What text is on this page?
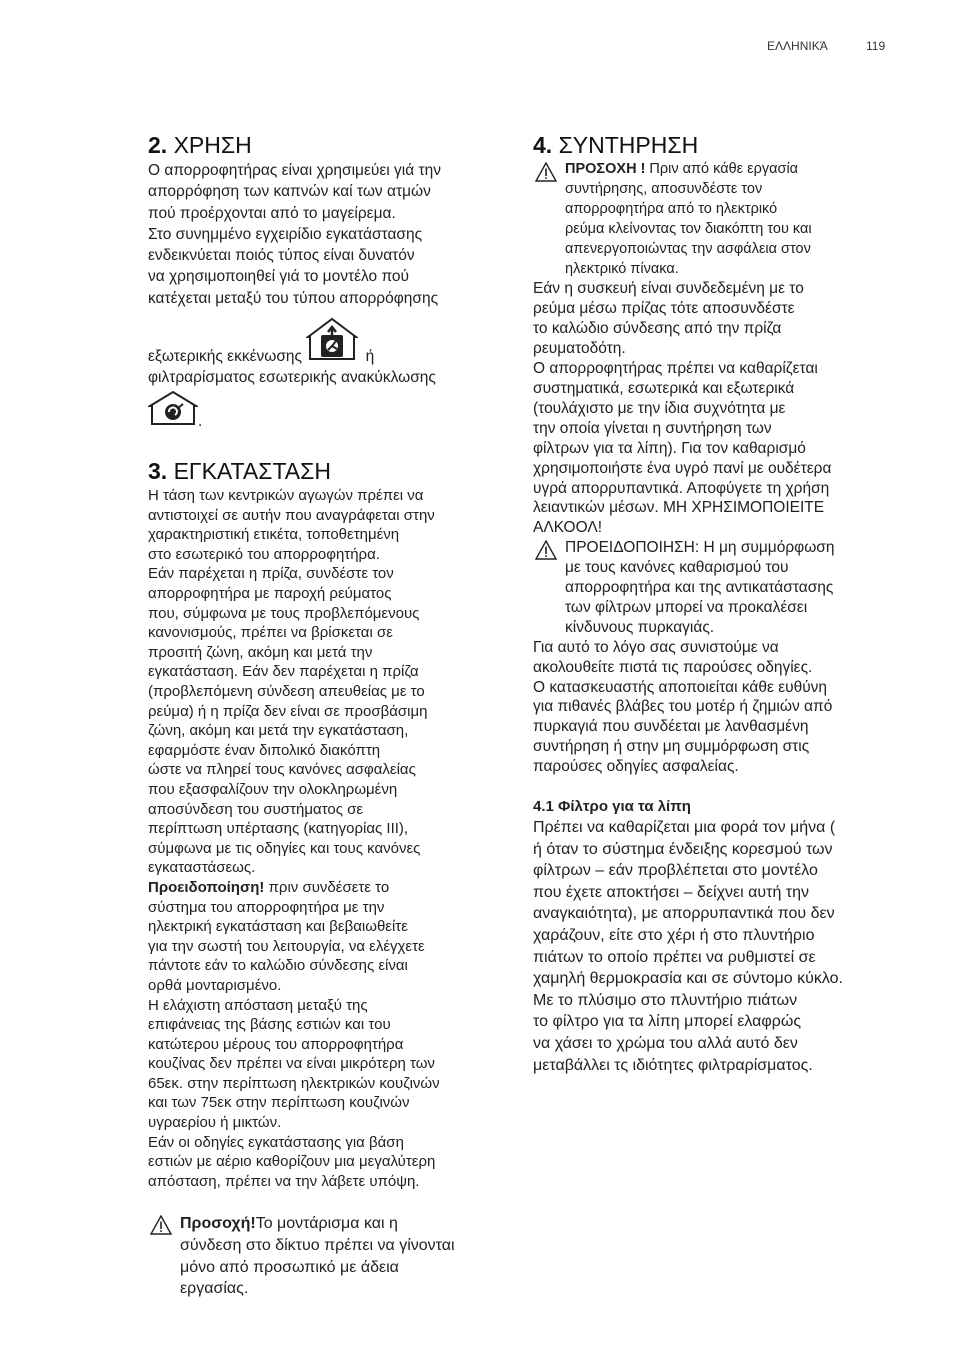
ΕΛΛΗΝΙΚΆ	119
2. ΧΡΗΣΗ

Ο απορροφητήρας είναι χρησιμεύει γιά την
απορρόφηση των καπνών καί των ατμών
πού προέρχονται από το μαγείρεμα.
Στο συνημμένο εγχειρίδιο εγκατάστασης
ενδεικνύεται ποιός τύπος είναι δυνατόν
να χρησιμοποιηθεί γιά το μοντέλο πού
κατέχεται μεταξύ του τύπου απορρόφησης

εξωτερικής εκκένωσης	ή
φιλτραρίσματος εσωτερικής ανακύκλωσης
.
3. ΕΓΚΑΤΑΣΤΑΣΗ

Η τάση των κεντρικών αγωγών πρέπει να
αντιστοιχεί σε αυτήν που αναγράφεται στην
χαρακτηριστική ετικέτα, τοποθετημένη
στο εσωτερικό του απορροφητήρα.
Εάν παρέχεται η πρίζα, συνδέστε τον
απορροφητήρα με παροχή ρεύματος
που, σύμφωνα με τους προβλεπόμενους
κανονισμούς, πρέπει να βρίσκεται σε
προσιτή ζώνη, ακόμη και μετά την
εγκατάσταση. Εάν δεν παρέχεται η πρίζα
(προβλεπόμενη σύνδεση απευθείας με το
ρεύμα) ή η πρίζα δεν είναι σε προσβάσιμη
ζώνη, ακόμη και μετά την εγκατάσταση,
εφαρμόστε έναν διπολικό διακόπτη
ώστε να πληρεί τους κανόνες ασφαλείας
που εξασφαλίζουν την ολοκληρωμένη
αποσύνδεση του συστήματος σε
περίπτωση υπέρτασης (κατηγορίας III),
σύμφωνα με τις οδηγίες και τους κανόνες
εγκαταστάσεως.

Προειδοποίηση! πριν συνδέσετε το
σύστημα του απορροφητήρα με την
ηλεκτρική εγκατάσταση και βεβαιωθείτε
για την σωστή του λειτουργία, να ελέγχετε
πάντοτε εάν το καλώδιο σύνδεσης είναι
ορθά μονταρισμένο.
Η ελάχιστη απόσταση μεταξύ της
επιφάνειας της βάσης εστιών και του
κατώτερου μέρους του απορροφητήρα
κουζίνας δεν πρέπει να είναι μικρότερη των
65εκ. στην περίπτωση ηλεκτρικών κουζινών
και των 75εκ στην περίπτωση κουζινών
υγραερίου ή μικτών.
Εάν οι οδηγίες εγκατάστασης για βάση
εστιών με αέριο καθορίζουν μια μεγαλύτερη
απόσταση, πρέπει να την λάβετε υπόψη.

Προσοχή!Το μοντάρισμα και η
σύνδεση στο δίκτυο πρέπει να γίνονται
μόνο από προσωπικό με άδεια
εργασίας.

4. ΣΥΝΤΗΡΗΣΗ

ΠΡΟΣΟΧΗ ! Πριν από κάθε εργασία
συντήρησης, αποσυνδέστε τον
απορροφητήρα από το ηλεκτρικό
ρεύμα κλείνοντας τον διακόπτη του και
απενεργοποιώντας την ασφάλεια στον
ηλεκτρικό πίνακα.

Εάν η συσκευή είναι συνδεδεμένη με το
ρεύμα μέσω πρίζας τότε αποσυνδέστε
το καλώδιο σύνδεσης από την πρίζα
ρευματοδότη.
Ο απορροφητήρας πρέπει να καθαρίζεται
συστηματικά, εσωτερικά και εξωτερικά
(τουλάχιστο με την ίδια συχνότητα με
την οποία γίνεται η συντήρηση των
φίλτρων για τα λίπη). Για τον καθαρισμό
χρησιμοποιήστε ένα υγρό πανί με ουδέτερα
υγρά απορρυπαντικά. Αποφύγετε τη χρήση
λειαντικών μέσων. ΜΗ ΧΡΗΣΙΜΟΠΟΙΕΙΤΕ
ΑΛΚΟΟΛ!

ΠΡΟΕΙΔΟΠΟΙΗΣΗ: Η μη συμμόρφωση
με τους κανόνες καθαρισμού του
απορροφητήρα και της αντικατάστασης
των φίλτρων μπορεί να προκαλέσει
κίνδυνους πυρκαγιάς.

Για αυτό το λόγο σας συνιστούμε να
ακολουθείτε πιστά τις παρούσες οδηγίες.
Ο κατασκευαστής αποποιείται κάθε ευθύνη
για πιθανές βλάβες του μοτέρ ή ζημιών από
πυρκαγιά που συνδέεται με λανθασμένη
συντήρηση ή στην μη συμμόρφωση στις
παρούσες οδηγίες ασφαλείας.

4.1 Φίλτρο για τα λίπη

Πρέπει να καθαρίζεται μια φορά τον μήνα (
ή όταν το σύστημα ένδειξης κορεσμού των
φίλτρων – εάν προβλέπεται στο μοντέλο
που έχετε αποκτήσει – δείχνει αυτή την
αναγκαιότητα), με απορρυπαντικά που δεν
χαράζουν, είτε στο χέρι ή στο πλυντήριο
πιάτων το οποίο πρέπει να ρυθμιστεί σε
χαμηλή θερμοκρασία και σε σύντομο κύκλο.
Με το πλύσιμο στο πλυντήριο πιάτων
το φίλτρο για τα λίπη μπορεί ελαφρώς
να χάσει το χρώμα του αλλά αυτό δεν
μεταβάλλει τς ιδιότητες φιλτραρίσματος.
